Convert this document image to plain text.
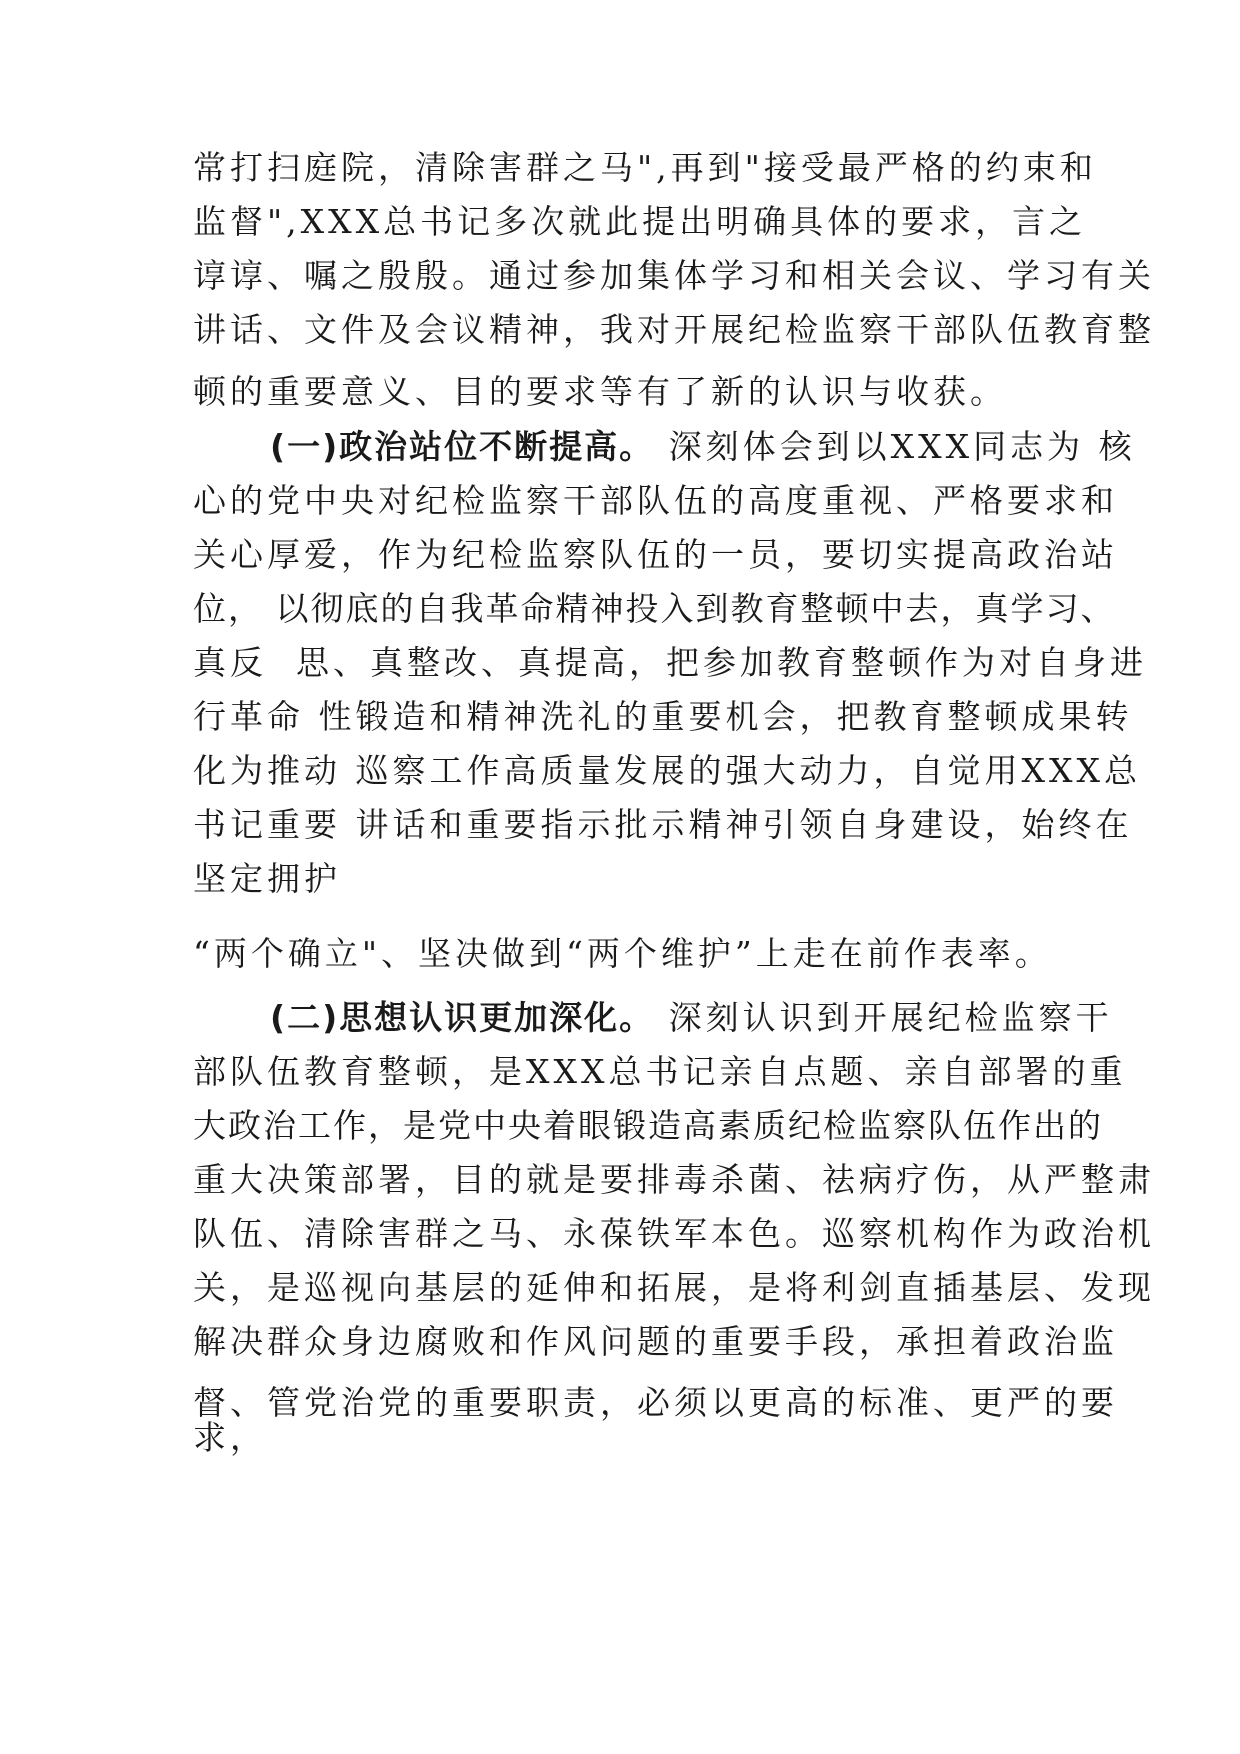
常打扫庭院，清除害群之马",再到"接受最严格的约束和

监督",XXX总书记多次就此提出明确具体的要求，言之

谆谆、嘱之殷殷。通过参加集体学习和相关会议、学习有关

讲话、文件及会议精神，我对开展纪检监察干部队伍教育整

顿的重要意义、目的要求等有了新的认识与收获。

(一)政治站位不断提高。 深刻体会到以XXX同志为 核

心的党中央对纪检监察干部队伍的高度重视、严格要求和

关心厚爱，作为纪检监察队伍的一员，要切实提高政治站

位， 以彻底的自我革命精神投入到教育整顿中去，真学习、

真反  思、真整改、真提高，把参加教育整顿作为对自身进

行革命 性锻造和精神洗礼的重要机会，把教育整顿成果转

化为推动 巡察工作高质量发展的强大动力，自觉用XXX总

书记重要 讲话和重要指示批示精神引领自身建设，始终在

坚定拥护

“两个确立"、坚决做到“两个维护”上走在前作表率。

(二)思想认识更加深化。 深刻认识到开展纪检监察干

部队伍教育整顿，是XXX总书记亲自点题、亲自部署的重

大政治工作，是党中央着眼锻造高素质纪检监察队伍作出的

重大决策部署，目的就是要排毒杀菌、祛病疗伤，从严整肃

队伍、清除害群之马、永葆铁军本色。巡察机构作为政治机

关，是巡视向基层的延伸和拓展，是将利剑直插基层、发现

解决群众身边腐败和作风问题的重要手段，承担着政治监

督、管党治党的重要职责，必须以更高的标准、更严的要

求，
